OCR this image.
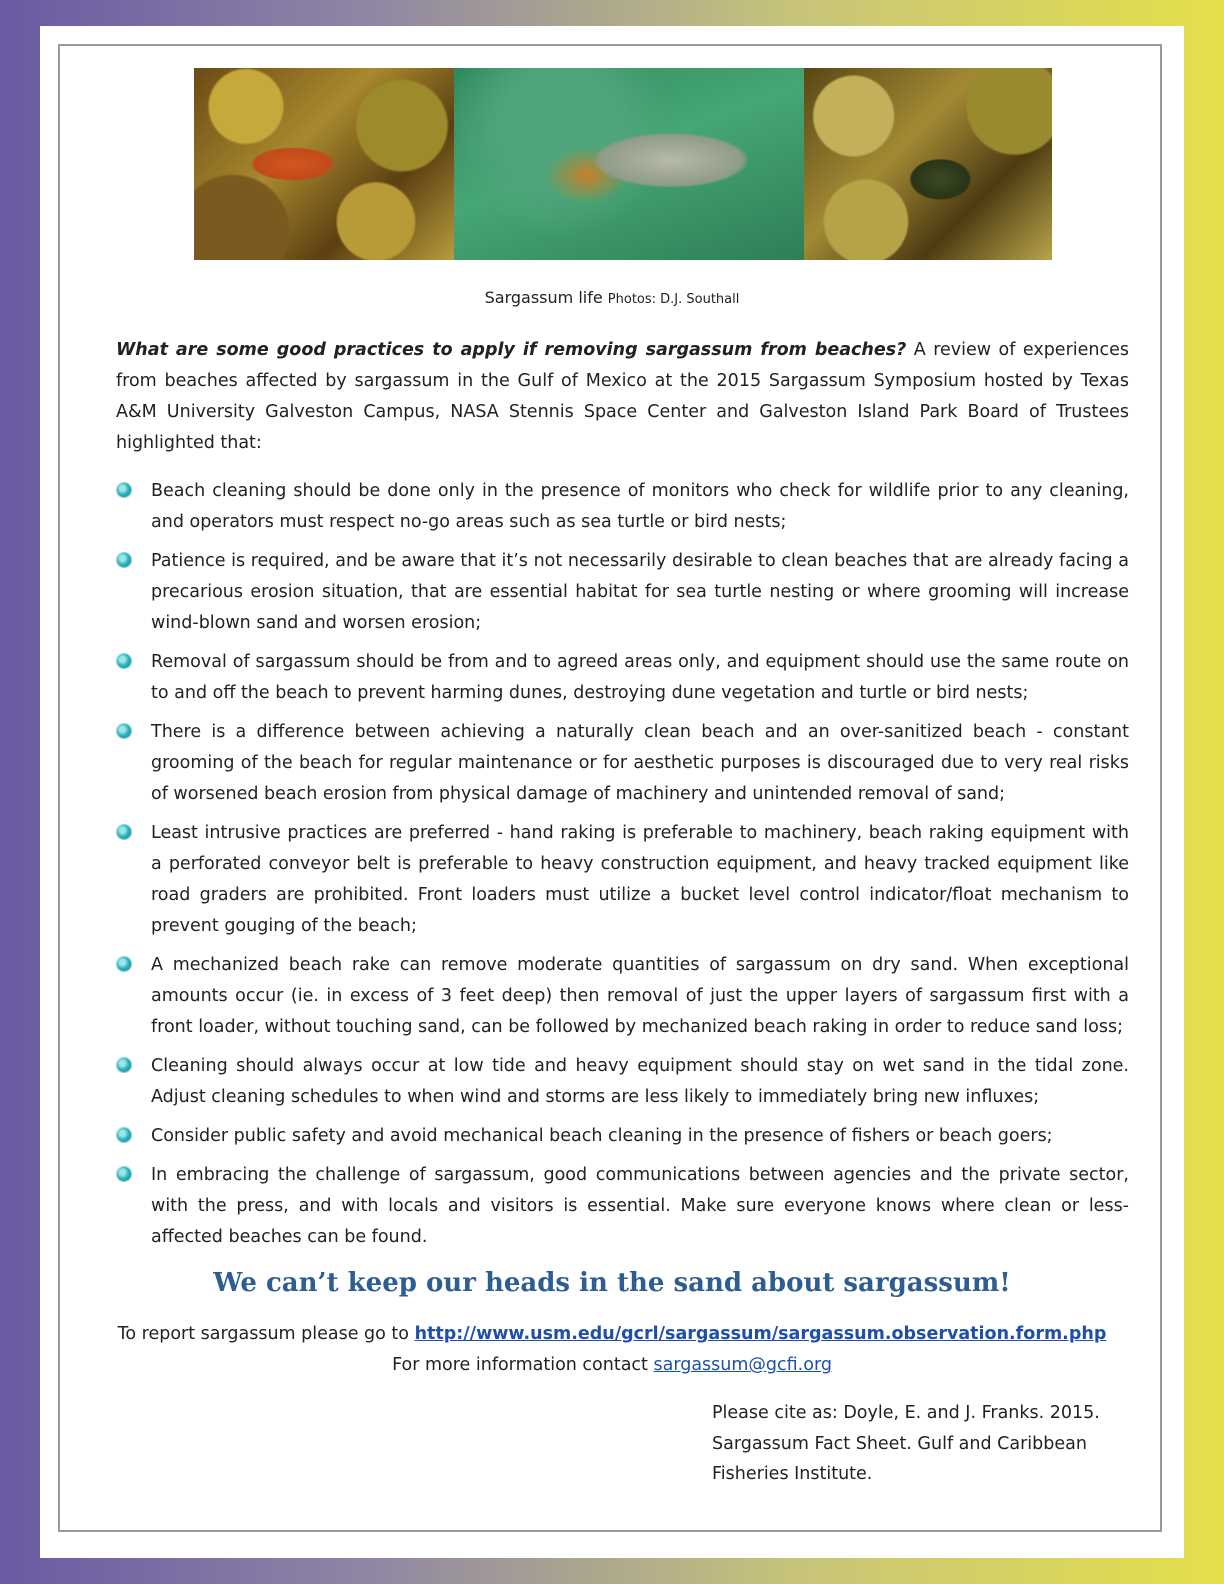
Sargassum life Photos: D.J. Southall

What are some good practices to apply if removing sargassum from beaches? A review of experiences from beaches affected by sargassum in the Gulf of Mexico at the 2015 Sargassum Symposium hosted by Texas A&M University Galveston Campus, NASA Stennis Space Center and Galveston Island Park Board of Trustees highlighted that:

Beach cleaning should be done only in the presence of monitors who check for wildlife prior to any cleaning, and operators must respect no-go areas such as sea turtle or bird nests;
Patience is required, and be aware that it’s not necessarily desirable to clean beaches that are already facing a precarious erosion situation, that are essential habitat for sea turtle nesting or where grooming will increase wind-blown sand and worsen erosion;
Removal of sargassum should be from and to agreed areas only, and equipment should use the same route on to and off the beach to prevent harming dunes, destroying dune vegetation and turtle or bird nests;
There is a difference between achieving a naturally clean beach and an over-sanitized beach - constant grooming of the beach for regular maintenance or for aesthetic purposes is discouraged due to very real risks of worsened beach erosion from physical damage of machinery and unintended removal of sand;
Least intrusive practices are preferred - hand raking is preferable to machinery, beach raking equipment with a perforated conveyor belt is preferable to heavy construction equipment, and heavy tracked equipment like road graders are prohibited. Front loaders must utilize a bucket level control indicator/float mechanism to prevent gouging of the beach;
A mechanized beach rake can remove moderate quantities of sargassum on dry sand. When exceptional amounts occur (ie. in excess of 3 feet deep) then removal of just the upper layers of sargassum first with a front loader, without touching sand, can be followed by mechanized beach raking in order to reduce sand loss;
Cleaning should always occur at low tide and heavy equipment should stay on wet sand in the tidal zone. Adjust cleaning schedules to when wind and storms are less likely to immediately bring new influxes;
Consider public safety and avoid mechanical beach cleaning in the presence of fishers or beach goers;
In embracing the challenge of sargassum, good communications between agencies and the private sector, with the press, and with locals and visitors is essential. Make sure everyone knows where clean or less-affected beaches can be found.
We can’t keep our heads in the sand about sargassum!
To report sargassum please go to http://www.usm.edu/gcrl/sargassum/sargassum.observation.form.php
For more information contact sargassum@gcfi.org
Please cite as: Doyle, E. and J. Franks. 2015.
Sargassum Fact Sheet. Gulf and Caribbean
Fisheries Institute.
